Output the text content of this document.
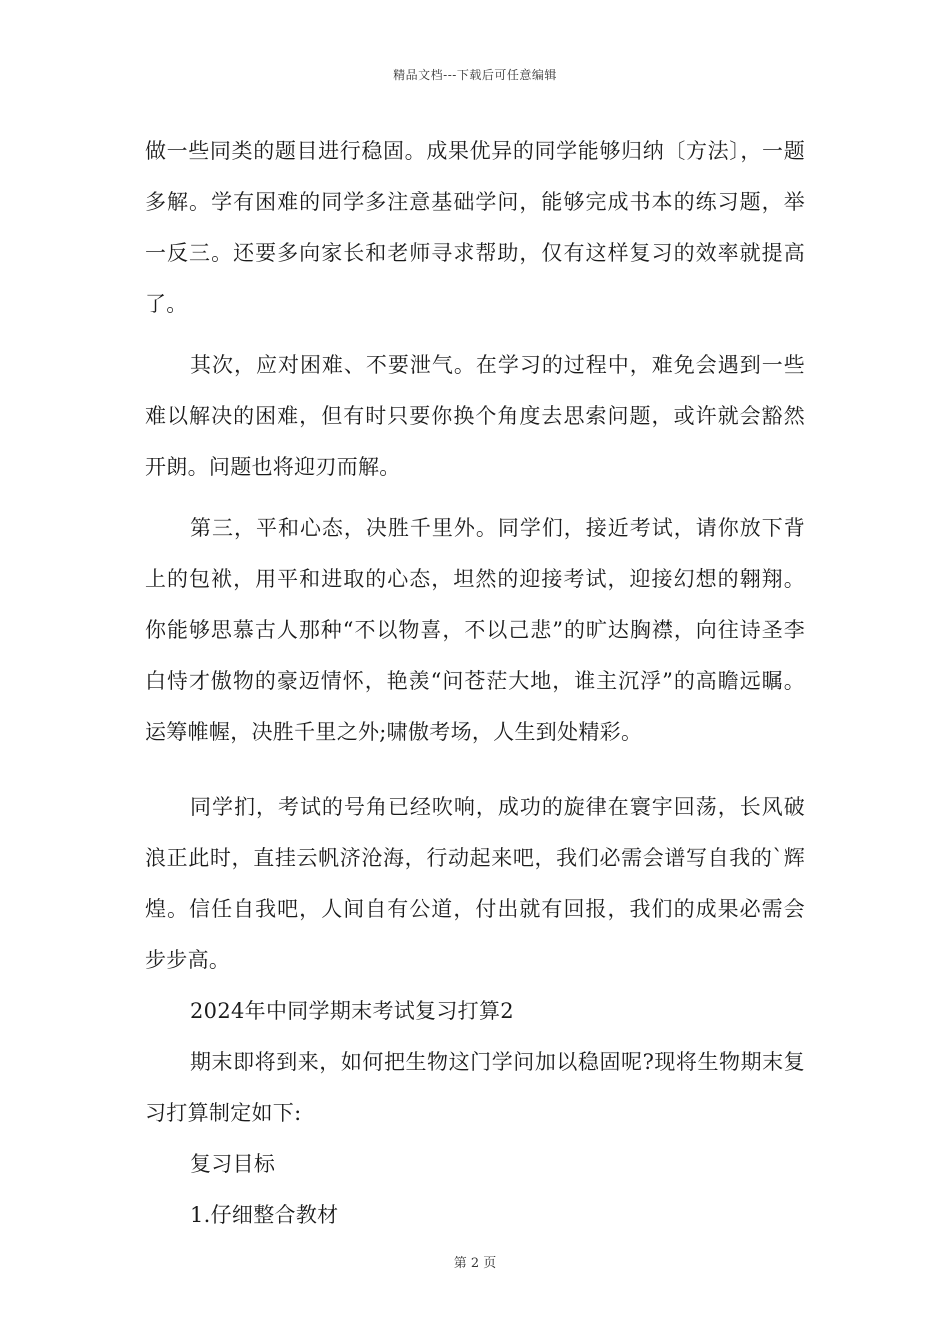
精品文档---下载后可任意编辑

做一些同类的题目进行稳固。成果优异的同学能够归纳〔方法〕，一题多解。学有困难的同学多注意基础学问，能够完成书本的练习题，举一反三。还要多向家长和老师寻求帮助，仅有这样复习的效率就提高了。

其次，应对困难、不要泄气。在学习的过程中，难免会遇到一些难以解决的困难，但有时只要你换个角度去思索问题，或许就会豁然开朗。问题也将迎刃而解。

第三，平和心态，决胜千里外。同学们，接近考试，请你放下背上的包袱，用平和进取的心态，坦然的迎接考试，迎接幻想的翱翔。你能够思慕古人那种“不以物喜，不以己悲”的旷达胸襟，向往诗圣李白恃才傲物的豪迈情怀，艳羡“问苍茫大地，谁主沉浮”的高瞻远瞩。运筹帷幄，决胜千里之外;啸傲考场，人生到处精彩。

同学扪，考试的号角已经吹响，成功的旋律在寰宇回荡，长风破浪正此时，直挂云帆济沧海，行动起来吧，我们必需会谱写自我的`辉煌。信任自我吧，人间自有公道，付出就有回报，我们的成果必需会步步高。

2024年中同学期末考试复习打算2

期末即将到来，如何把生物这门学问加以稳固呢?现将生物期末复习打算制定如下:

复习目标

1.仔细整合教材

第 2 页
